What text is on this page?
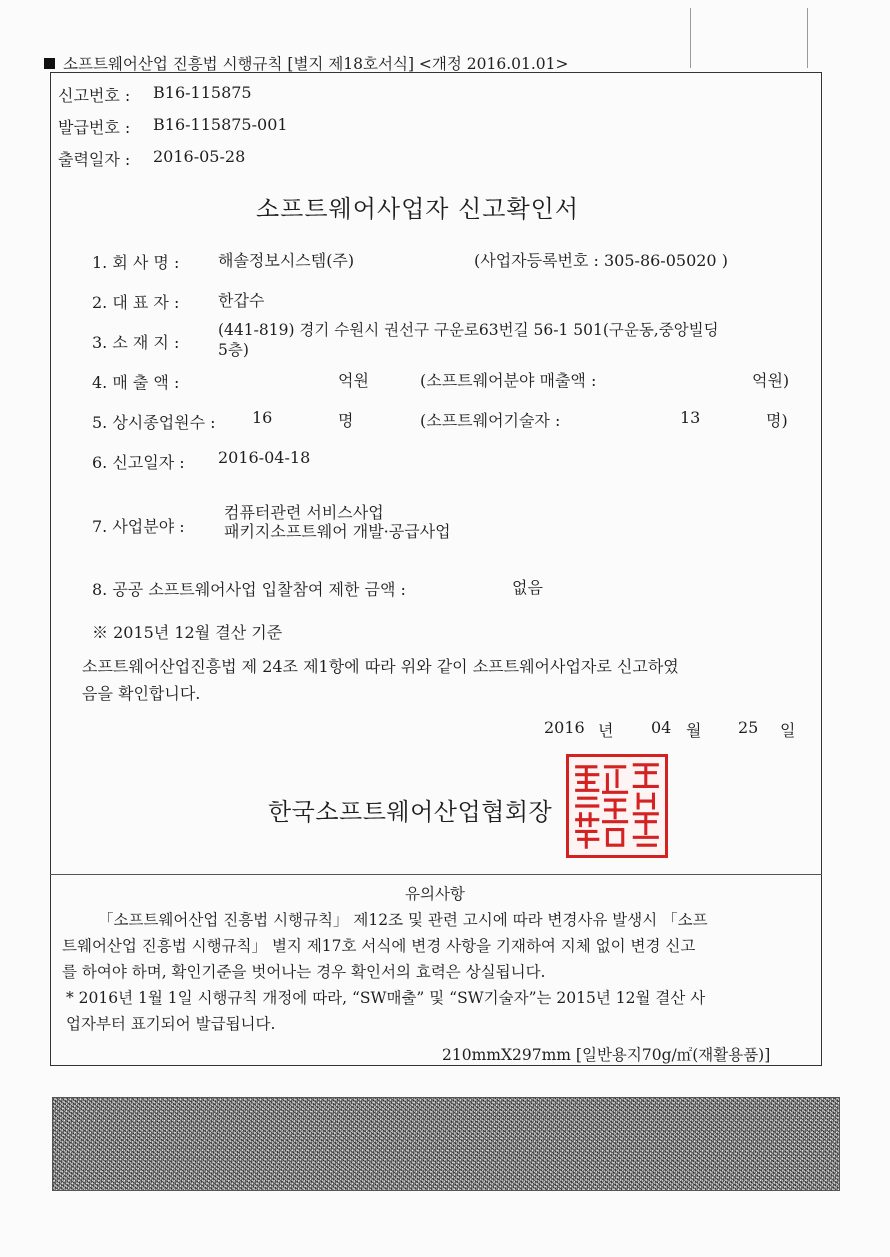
소프트웨어산업 진흥법 시행규칙 [별지 제18호서식] <개정 2016.01.01>
신고번호 : B16-115875
발급번호 : B16-115875-001
출력일자 : 2016-05-28
소프트웨어사업자 신고확인서
1. 회 사 명 : 해솔정보시스템(주)	(사업자등록번호 : 305-86-05020 )
2. 대 표 자 : 한갑수
3. 소 재 지 :
(441-819) 경기 수원시 권선구 구운로63번길 56-1 501(구운동,중앙빌딩
5층)
4. 매 출 액 :	억원	(소프트웨어분야 매출액 :	억원)
5. 상시종업원수 : 16	명	(소프트웨어기술자 :	13	명)
6. 신고일자 : 2016-04-18
7. 사업분야 :
컴퓨터관련 서비스사업
패키지소프트웨어 개발·공급사업
8. 공공 소프트웨어사업 입찰참여 제한 금액 :	없음
※ 2015년 12월 결산 기준
소프트웨어산업진흥법 제 24조 제1항에 따라 위와 같이 소프트웨어사업자로 신고하였
음을 확인합니다.
2016 년 04 월 25 일
한국소프트웨어산업협회장
유의사항
「소프트웨어산업 진흥법 시행규칙」 제12조 및 관련 고시에 따라 변경사유 발생시 「소프
트웨어산업 진흥법 시행규칙」 별지 제17호 서식에 변경 사항을 기재하여 지체 없이 변경 신고
를 하여야 하며, 확인기준을 벗어나는 경우 확인서의 효력은 상실됩니다.
* 2016년 1월 1일 시행규칙 개정에 따라, “SW매출” 및 “SW기술자”는 2015년 12월 결산 사
업자부터 표기되어 발급됩니다.
210mmX297mm [일반용지70g/㎡(재활용품)]
